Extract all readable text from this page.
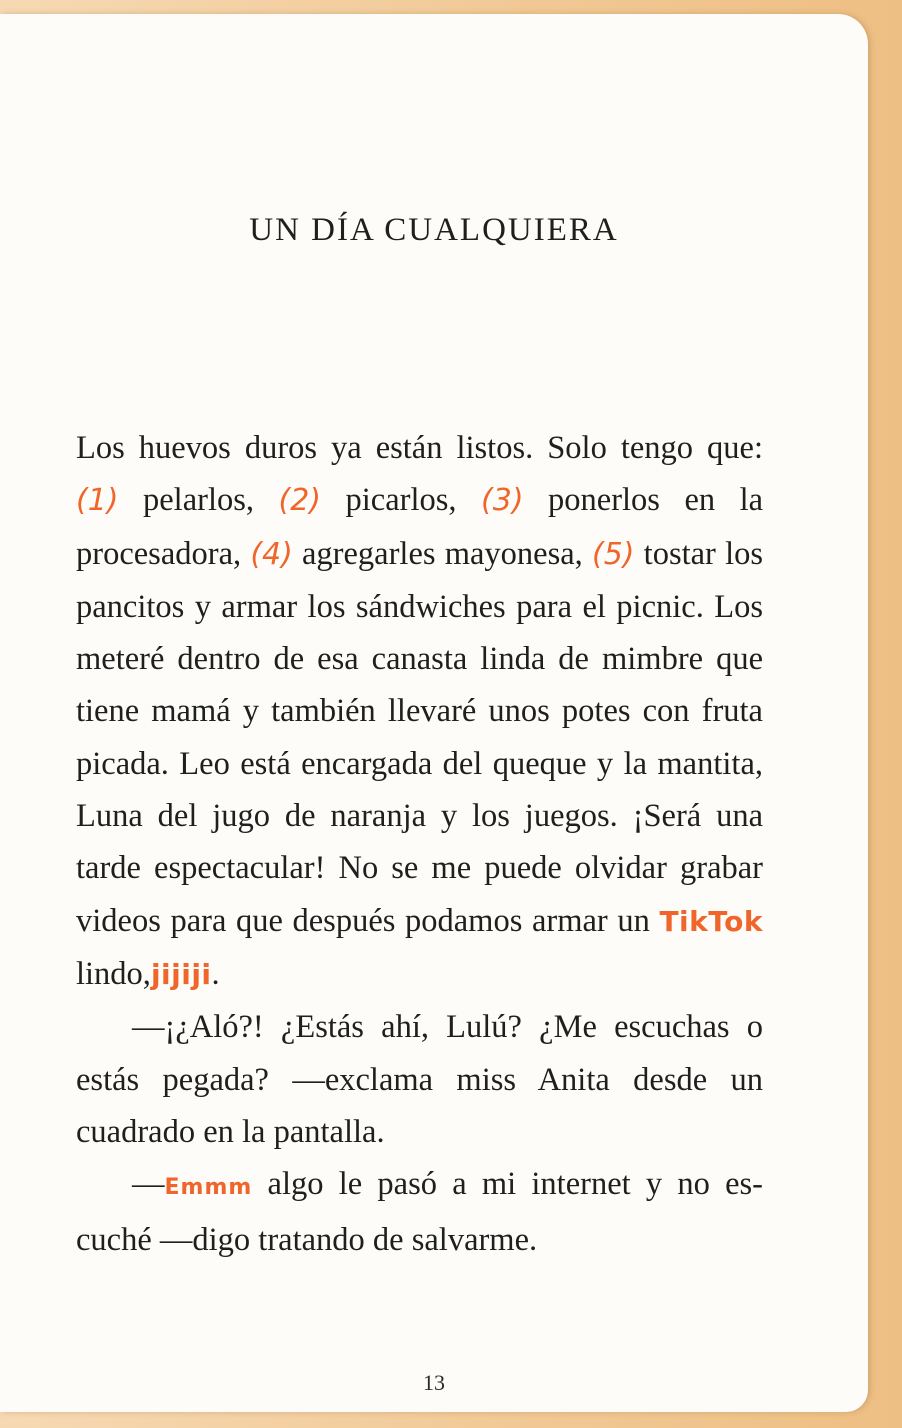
UN DÍA CUALQUIERA

Los huevos duros ya están listos. Solo tengo que: (1) pelarlos, (2) picarlos, (3) ponerlos en la procesadora, (4) agregarles mayonesa, (5) tostar los pancitos y armar los sándwiches para el picnic. Los meteré dentro de esa canasta linda de mimbre que tiene mamá y también llevaré unos potes con fruta picada. Leo está encargada del queque y la mantita, Luna del jugo de naranja y los juegos. ¡Será una tarde espectacular! No se me puede olvidar grabar videos para que después podamos armar un TikTok lindo,jijiji.

—¡¿Aló?! ¿Estás ahí, Lulú? ¿Me escuchas o estás pegada? —exclama miss Anita desde un cuadrado en la pantalla.

—Emmm algo le pasó a mi internet y no escuché —digo tratando de salvarme.

13
